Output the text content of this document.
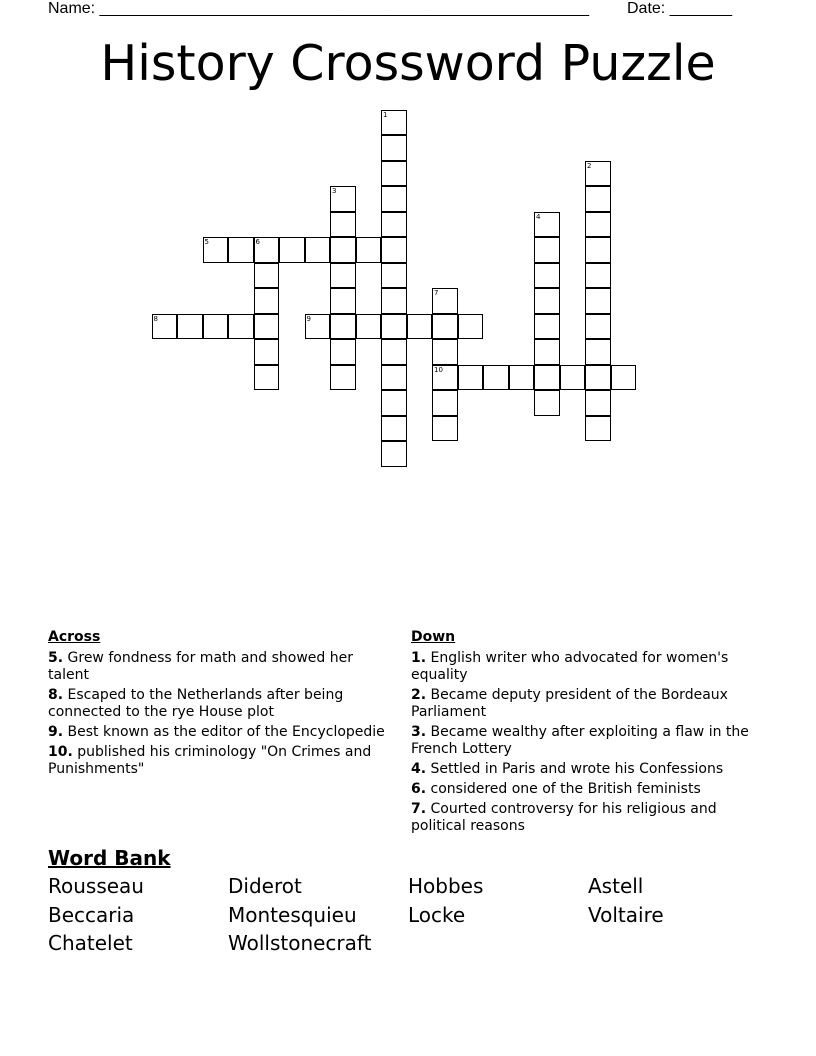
Name: _______________________________________________________ Date: _______
History Crossword Puzzle
1
2
3
4
5	6
7
10
8	9
Across
5. Grew fondness for math and showed her talent
8. Escaped to the Netherlands after being connected to the rye House plot
9. Best known as the editor of the Encyclopedie
10. published his criminology "On Crimes and Punishments"
Down
1. English writer who advocated for women's equality
2. Became deputy president of the Bordeaux Parliament
3. Became wealthy after exploiting a flaw in the French Lottery
4. Settled in Paris and wrote his Confessions
6. considered one of the British feminists
7. Courted controversy for his religious and political reasons
Word Bank
Rousseau	Diderot	Hobbes	Astell
Beccaria	Montesquieu	Locke	Voltaire
Chatelet	Wollstonecraft
